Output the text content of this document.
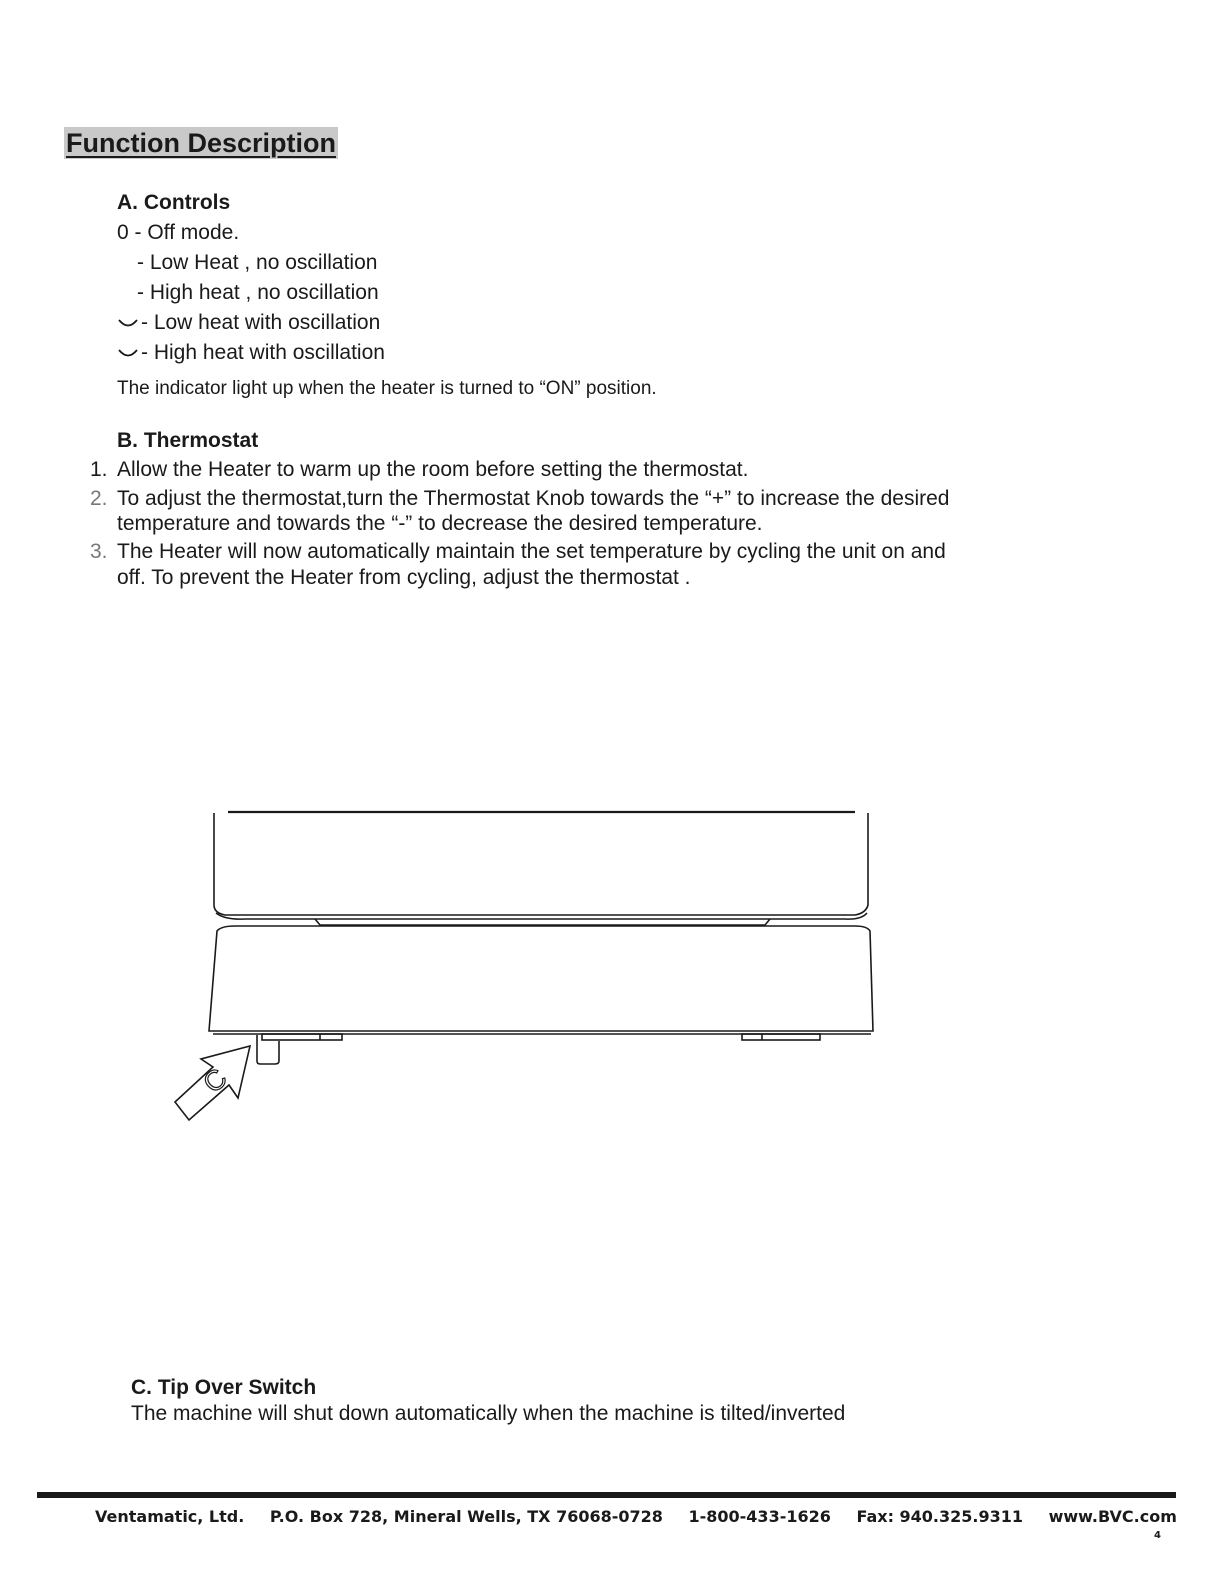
Function Description
A. Controls
0 - Off mode.
- Low Heat , no oscillation
- High heat , no oscillation
- Low heat with oscillation
- High heat with oscillation
The indicator light up when the heater is turned to “ON” position.
B. Thermostat
1. Allow the Heater to warm up the room before setting the thermostat.
2. To adjust the thermostat,turn the Thermostat Knob towards the “+” to increase the desired
temperature and towards the “-” to decrease the desired temperature.
3. The Heater will now automatically maintain the set temperature by cycling the unit on and
off. To prevent the Heater from cycling, adjust the thermostat .
C
C. Tip Over Switch
The machine will shut down automatically when the machine is tilted/inverted
Ventamatic, Ltd. P.O. Box 728, Mineral Wells, TX 76068-0728 1-800-433-1626 Fax: 940.325.9311 www.BVC.com
4
